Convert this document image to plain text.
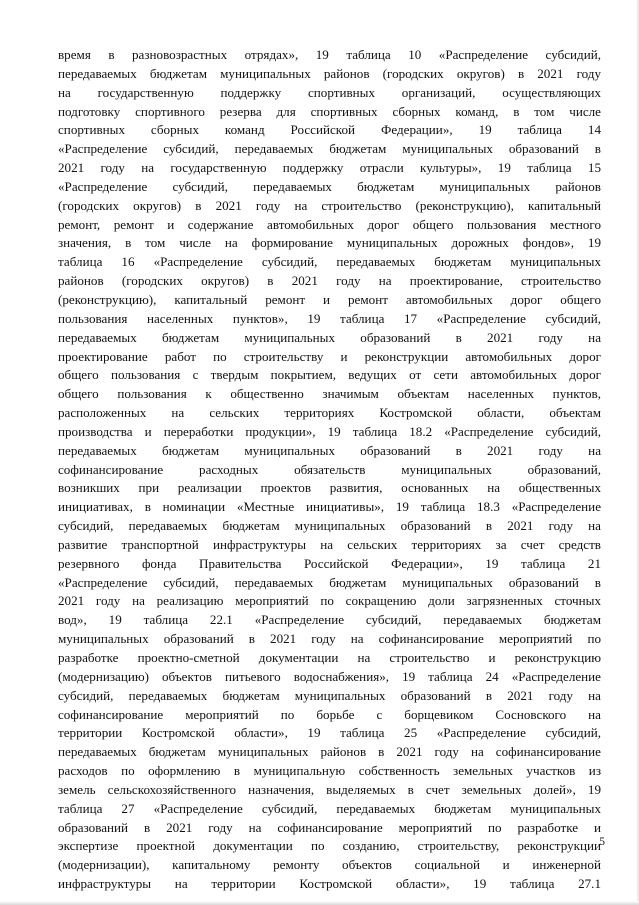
время в разновозрастных отрядах», 19 таблица 10 «Распределение субсидий,
передаваемых бюджетам муниципальных районов (городских округов) в 2021 году
на государственную поддержку спортивных организаций, осуществляющих
подготовку спортивного резерва для спортивных сборных команд, в том числе
спортивных сборных команд Российской Федерации», 19 таблица 14
«Распределение субсидий, передаваемых бюджетам муниципальных образований в
2021 году на государственную поддержку отрасли культуры», 19 таблица 15
«Распределение субсидий, передаваемых бюджетам муниципальных районов
(городских округов) в 2021 году на строительство (реконструкцию), капитальный
ремонт, ремонт и содержание автомобильных дорог общего пользования местного
значения, в том числе на формирование муниципальных дорожных фондов», 19
таблица 16 «Распределение субсидий, передаваемых бюджетам муниципальных
районов (городских округов) в 2021 году на проектирование, строительство
(реконструкцию), капитальный ремонт и ремонт автомобильных дорог общего
пользования населенных пунктов», 19 таблица 17 «Распределение субсидий,
передаваемых бюджетам муниципальных образований в 2021 году на
проектирование работ по строительству и реконструкции автомобильных дорог
общего пользования с твердым покрытием, ведущих от сети автомобильных дорог
общего пользования к общественно значимым объектам населенных пунктов,
расположенных на сельских территориях Костромской области, объектам
производства и переработки продукции», 19 таблица 18.2 «Распределение субсидий,
передаваемых бюджетам муниципальных образований в 2021 году на
софинансирование расходных обязательств муниципальных образований,
возникших при реализации проектов развития, основанных на общественных
инициативах, в номинации «Местные инициативы», 19 таблица 18.3 «Распределение
субсидий, передаваемых бюджетам муниципальных образований в 2021 году на
развитие транспортной инфраструктуры на сельских территориях за счет средств
резервного фонда Правительства Российской Федерации», 19 таблица 21
«Распределение субсидий, передаваемых бюджетам муниципальных образований в
2021 году на реализацию мероприятий по сокращению доли загрязненных сточных
вод», 19 таблица 22.1 «Распределение субсидий, передаваемых бюджетам
муниципальных образований в 2021 году на софинансирование мероприятий по
разработке проектно-сметной документации на строительство и реконструкцию
(модернизацию) объектов питьевого водоснабжения», 19 таблица 24 «Распределение
субсидий, передаваемых бюджетам муниципальных образований в 2021 году на
софинансирование мероприятий по борьбе с борщевиком Сосновского на
территории Костромской области», 19 таблица 25 «Распределение субсидий,
передаваемых бюджетам муниципальных районов в 2021 году на софинансирование
расходов по оформлению в муниципальную собственность земельных участков из
земель сельскохозяйственного назначения, выделяемых в счет земельных долей», 19
таблица 27 «Распределение субсидий, передаваемых бюджетам муниципальных
образований в 2021 году на софинансирование мероприятий по разработке и
экспертизе проектной документации по созданию, строительству, реконструкции
(модернизации), капитальному ремонту объектов социальной и инженерной
инфраструктуры на территории Костромской области», 19 таблица 27.1
5
